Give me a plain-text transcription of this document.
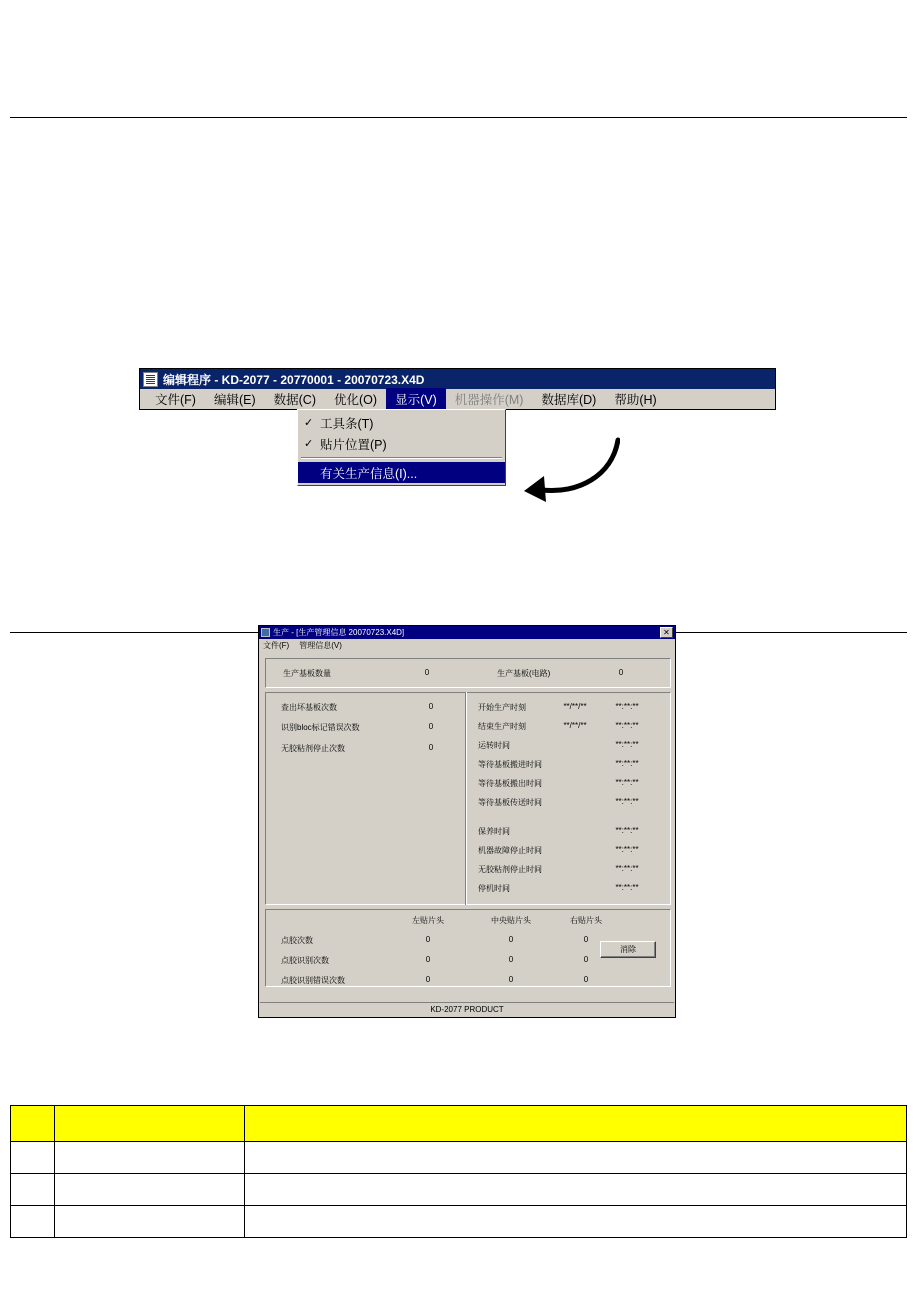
编辑程序 - KD-2077 - 20770001 - 20070723.X4D
文件(F)	编辑(E)	数据(C)	优化(O)	显示(V)	机器操作(M)	数据库(D)	帮助(H)
✓ 工具条(T)
✓ 贴片位置(P)
有关生产信息(I)...
生产 - [生产管理信息 20070723.X4D]	✕
文件(F) 管理信息(V)
生产基板数量	0	生产基板(电路)	0
查出坏基板次数	0
识别bloc标记错误次数	0
无胶粘剂停止次数	0
开始生产时刻	**/**/**	**:**:**
结束生产时刻	**/**/**	**:**:**
运转时间	**:**:**
等待基板搬进时间	**:**:**
等待基板搬出时间	**:**:**
等待基板传送时间	**:**:**
保养时间	**:**:**
机器故障停止时间	**:**:**
无胶粘剂停止时间	**:**:**
停机时间	**:**:**
左贴片头	中央贴片头	右贴片头
点胶次数	0	0	0
点胶识别次数	0	0	0
点胶识别错误次数	0	0	0
消除
KD-2077 PRODUCT
